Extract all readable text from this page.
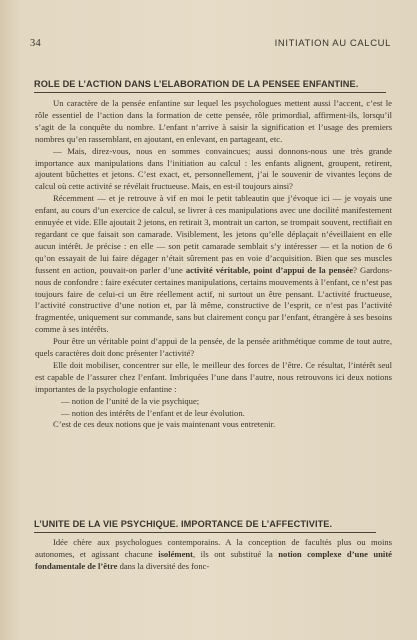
34	INITIATION AU CALCUL
ROLE DE L’ACTION DANS L’ELABORATION DE LA PENSEE ENFANTINE.

Un caractère de la pensée enfantine sur lequel les psychologues mettent aussi l’accent, c’est le rôle essentiel de l’action dans la formation de cette pensée, rôle primordial, affirment-ils, lorsqu’il s’agit de la conquête du nombre. L’enfant n’arrive à saisir la signification et l’usage des premiers nombres qu’en rassemblant, en ajoutant, en enlevant, en partageant, etc.

— Mais, direz-vous, nous en sommes convaincues; aussi donnons-nous une très grande importance aux manipulations dans l’initiation au calcul : les enfants alignent, groupent, retirent, ajoutent bûchettes et jetons. C’est exact, et, personnellement, j’ai le souvenir de vivantes leçons de calcul où cette activité se révélait fructueuse. Mais, en est-il toujours ainsi?

Récemment — et je retrouve à vif en moi le petit tableautin que j’évoque ici — je voyais une enfant, au cours d’un exercice de calcul, se livrer à ces manipulations avec une docilité manifestement ennuyée et vide. Elle ajoutait 2 jetons, en retirait 3, montrait un carton, se trompait souvent, rectifiait en regardant ce que faisait son camarade. Visiblement, les jetons qu’elle déplaçait n’éveillaient en elle aucun intérêt. Je précise : en elle — son petit camarade semblait s’y intéresser — et la notion de 6 qu’on essayait de lui faire dégager n’était sûrement pas en voie d’acquisition. Bien que ses muscles fussent en action, pouvait-on parler d’une activité véritable, point d’appui de la pensée? Gardons-nous de confondre : faire exécuter certaines manipulations, certains mouvements à l’enfant, ce n’est pas toujours faire de celui-ci un être réellement actif, ni surtout un être pensant. L’activité fructueuse, l’activité constructive d’une notion et, par là même, constructive de l’esprit, ce n’est pas l’activité fragmentée, uniquement sur commande, sans but clairement conçu par l’enfant, étrangère à ses besoins comme à ses intérêts.

Pour être un véritable point d’appui de la pensée, de la pensée arithmétique comme de tout autre, quels caractères doit donc présenter l’activité?

Elle doit mobiliser, concentrer sur elle, le meilleur des forces de l’être. Ce résultat, l’intérêt seul est capable de l’assurer chez l’enfant. Imbriquées l’une dans l’autre, nous retrouvons ici deux notions importantes de la psychologie enfantine :

— notion de l’unité de la vie psychique;

— notion des intérêts de l’enfant et de leur évolution.

C’est de ces deux notions que je vais maintenant vous entretenir.

L’UNITE DE LA VIE PSYCHIQUE. IMPORTANCE DE L’AFFECTIVITE.

Idée chère aux psychologues contemporains. A la conception de facultés plus ou moins autonomes, et agissant chacune isolément, ils ont substitué la notion complexe d’une unité fondamentale de l’être dans la diversité des fonc-
